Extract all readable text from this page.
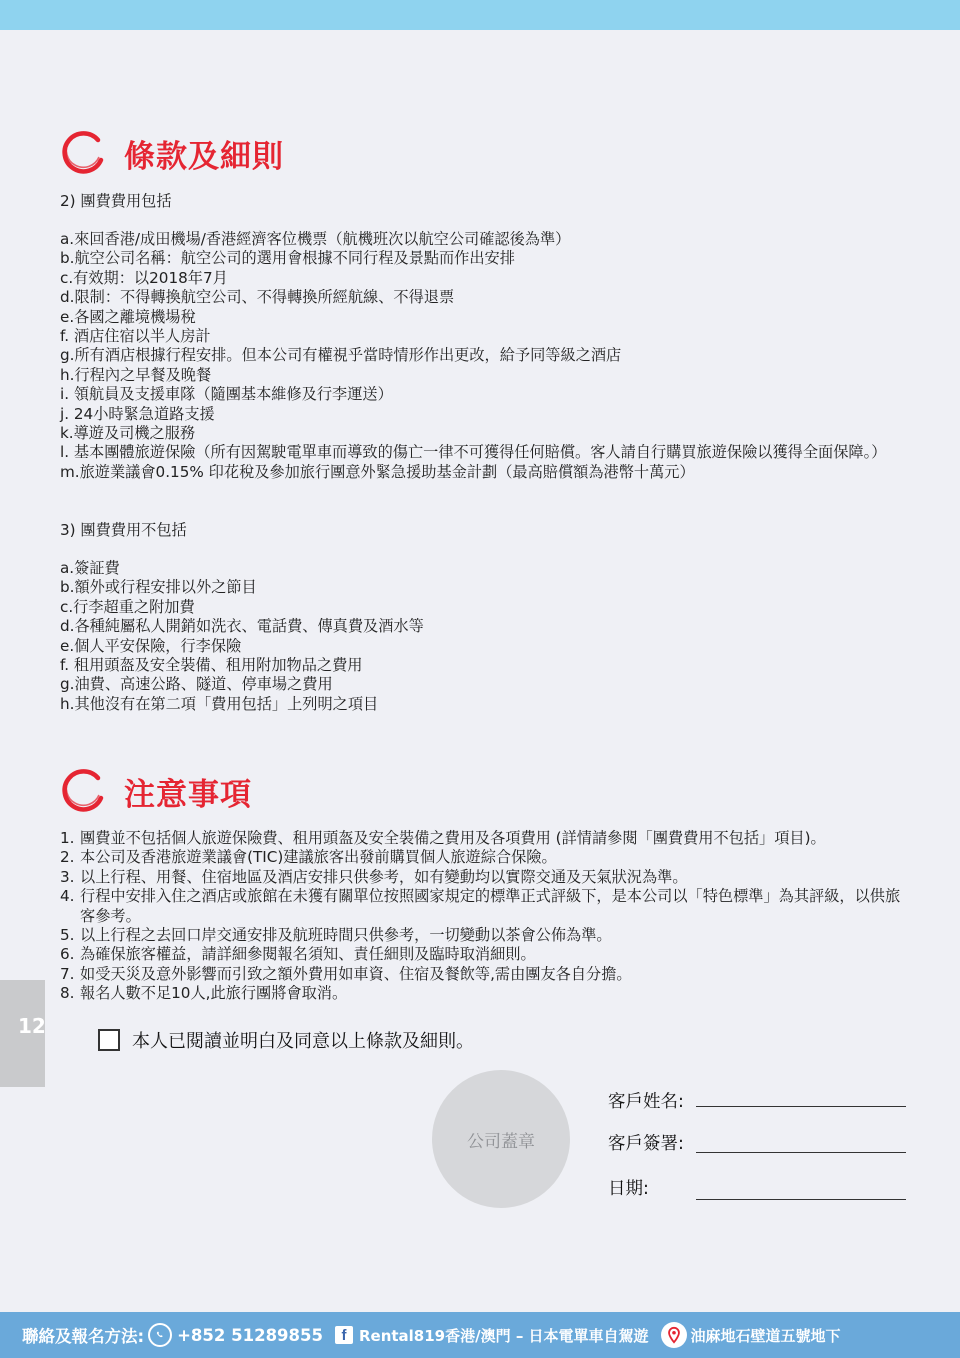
條款及細則
2) 團費費用包括
a.來回香港/成田機場/香港經濟客位機票（航機班次以航空公司確認後為準）
b.航空公司名稱：航空公司的選用會根據不同行程及景點而作出安排
c.有效期：以2018年7月
d.限制：不得轉換航空公司、不得轉換所經航線、不得退票
e.各國之離境機場稅
f. 酒店住宿以半人房計
g.所有酒店根據行程安排。但本公司有權視乎當時情形作出更改，給予同等級之酒店
h.行程內之早餐及晚餐
i. 領航員及支援車隊（隨團基本維修及行李運送）
j. 24小時緊急道路支援
k.導遊及司機之服務
l. 基本團體旅遊保險（所有因駕駛電單車而導致的傷亡一律不可獲得任何賠償。客人請自行購買旅遊保險以獲得全面保障。）
m.旅遊業議會0.15% 印花稅及參加旅行團意外緊急援助基金計劃（最高賠償額為港幣十萬元）
3) 團費費用不包括
a.簽証費
b.額外或行程安排以外之節目
c.行李超重之附加費
d.各種純屬私人開銷如洗衣、電話費、傳真費及酒水等
e.個人平安保險，行李保險
f. 租用頭盔及安全裝備、租用附加物品之費用
g.油費、高速公路、隧道、停車場之費用
h.其他沒有在第二項「費用包括」上列明之項目
注意事項
1. 團費並不包括個人旅遊保險費、租用頭盔及安全裝備之費用及各項費用 (詳情請參閱「團費費用不包括」項目)。
2. 本公司及香港旅遊業議會(TIC)建議旅客出發前購買個人旅遊綜合保險。
3. 以上行程、用餐、住宿地區及酒店安排只供參考，如有變動均以實際交通及天氣狀況為準。
4. 行程中安排入住之酒店或旅館在未獲有關單位按照國家規定的標準正式評級下，是本公司以「特色標準」為其評級，以供旅客參考。
5. 以上行程之去回口岸交通安排及航班時間只供參考，一切變動以茶會公佈為準。
6. 為確保旅客權益，請詳細參閱報名須知、責任細則及臨時取消細則。
7. 如受天災及意外影響而引致之額外費用如車資、住宿及餐飲等,需由團友各自分擔。
8. 報名人數不足10人,此旅行團將會取消。
12
本人已閱讀並明白及同意以上條款及細則。
公司蓋章
客戶姓名:
客戶簽署:
日期:
聯絡及報名方法: +852 51289855	f Rental819香港/澳門 – 日本電單車自駕遊	油麻地石壁道五號地下
